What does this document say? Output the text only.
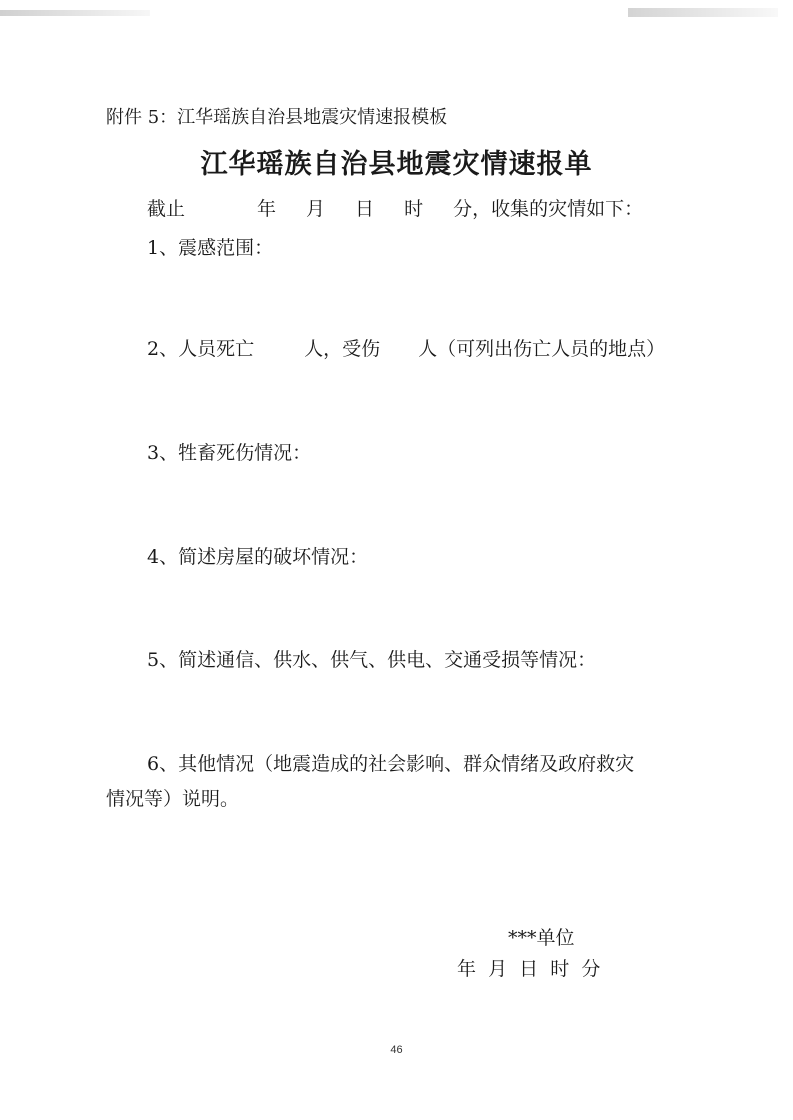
附件 5：江华瑶族自治县地震灾情速报模板
江华瑶族自治县地震灾情速报单
截止	年 月 日 时 分，收集的灾情如下：
1、震感范围：
2、人员死亡	人，受伤 人（可列出伤亡人员的地点）
3、牲畜死伤情况：
4、简述房屋的破坏情况：
5、简述通信、供水、供气、供电、交通受损等情况：
6、其他情况（地震造成的社会影响、群众情绪及政府救灾
情况等）说明。
***单位
年  月  日  时  分
46
